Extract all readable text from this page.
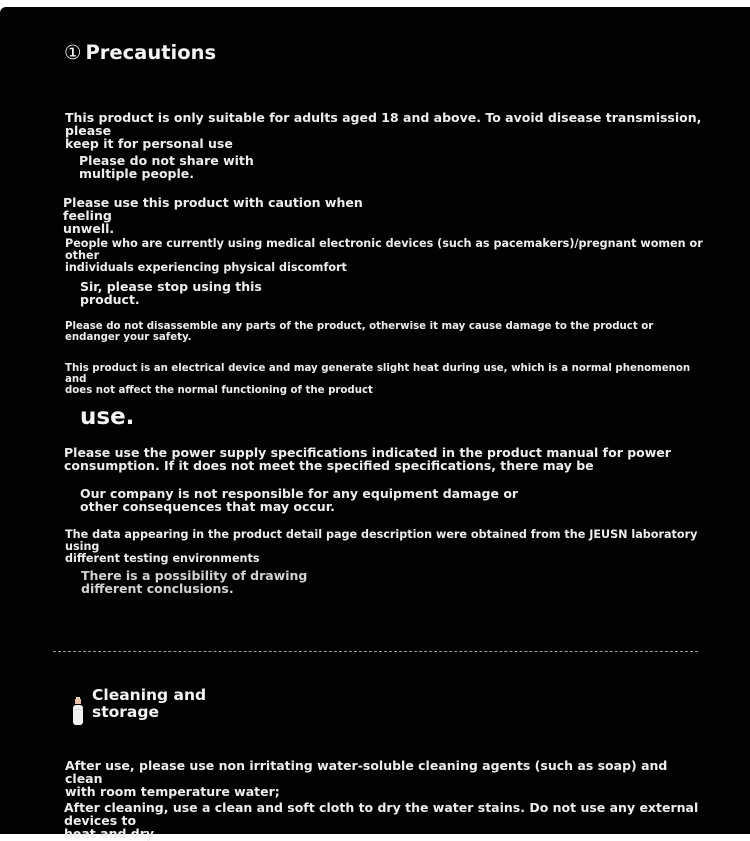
① Precautions

This product is only suitable for adults aged 18 and above. To avoid disease transmission, please
keep it for personal use

Please do not share with
multiple people.

Please use this product with caution when feeling
unwell.

People who are currently using medical electronic devices (such as pacemakers)/pregnant women or other
individuals experiencing physical discomfort

Sir, please stop using this
product.

Please do not disassemble any parts of the product, otherwise it may cause damage to the product or
endanger your safety.

This product is an electrical device and may generate slight heat during use, which is a normal phenomenon and
does not affect the normal functioning of the product

use.

Please use the power supply specifications indicated in the product manual for power
consumption. If it does not meet the specified specifications, there may be

Our company is not responsible for any equipment damage or
other consequences that may occur.

The data appearing in the product detail page description were obtained from the JEUSN laboratory using
different testing environments

There is a possibility of drawing
different conclusions.

Cleaning and
storage

After use, please use non irritating water-soluble cleaning agents (such as soap) and clean
with room temperature water;

After cleaning, use a clean and soft cloth to dry the water stains. Do not use any external devices to
heat and dry
